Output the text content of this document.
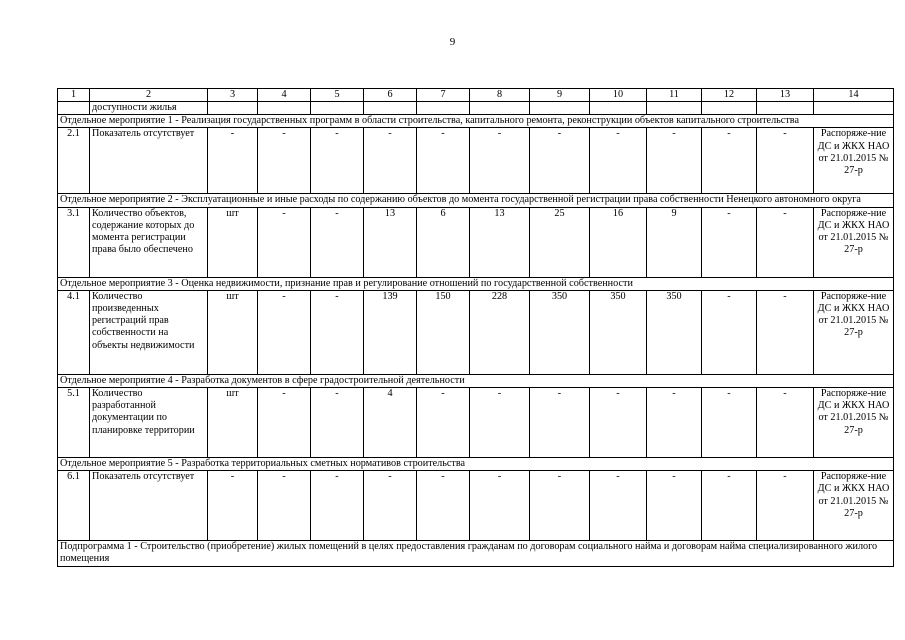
9
1	2	3	4	5	6	7	8	9	10	11	12	13	14
	доступности жилья												
Отдельное мероприятие 1 - Реализация государственных программ в области строительства, капитального ремонта, реконструкции объектов капитального строительства													
2.1	Показатель отсутствует	-	-	-	-	-	-	-	-	-	-	-	Распоряже-ние ДС и ЖКХ НАО от 21.01.2015 № 27-р
Отдельное мероприятие 2 - Эксплуатационные и иные расходы по содержанию объектов до момента государственной регистрации права собственности Ненецкого автономного округа													
3.1	Количество объектов, содержание которых до момента регистрации права было обеспечено	шт	-	-	13	6	13	25	16	9	-	-	Распоряже-ние ДС и ЖКХ НАО от 21.01.2015 № 27-р
Отдельное мероприятие 3 - Оценка недвижимости, признание прав и регулирование отношений по государственной собственности													
4.1	Количество произведенных регистраций прав собственности на объекты недвижимости	шт	-	-	139	150	228	350	350	350	-	-	Распоряже-ние ДС и ЖКХ НАО от 21.01.2015 № 27-р
Отдельное мероприятие 4 - Разработка документов в сфере градостроительной деятельности													
5.1	Количество разработанной документации по планировке территории	шт	-	-	4	-	-	-	-	-	-	-	Распоряже-ние ДС и ЖКХ НАО от 21.01.2015 № 27-р
Отдельное мероприятие 5 - Разработка территориальных сметных нормативов строительства													
6.1	Показатель отсутствует	-	-	-	-	-	-	-	-	-	-	-	Распоряже-ние ДС и ЖКХ НАО от 21.01.2015 № 27-р
Подпрограмма 1 - Строительство (приобретение) жилых помещений в целях предоставления гражданам по договорам социального найма и договорам найма специализированного жилого помещения													
